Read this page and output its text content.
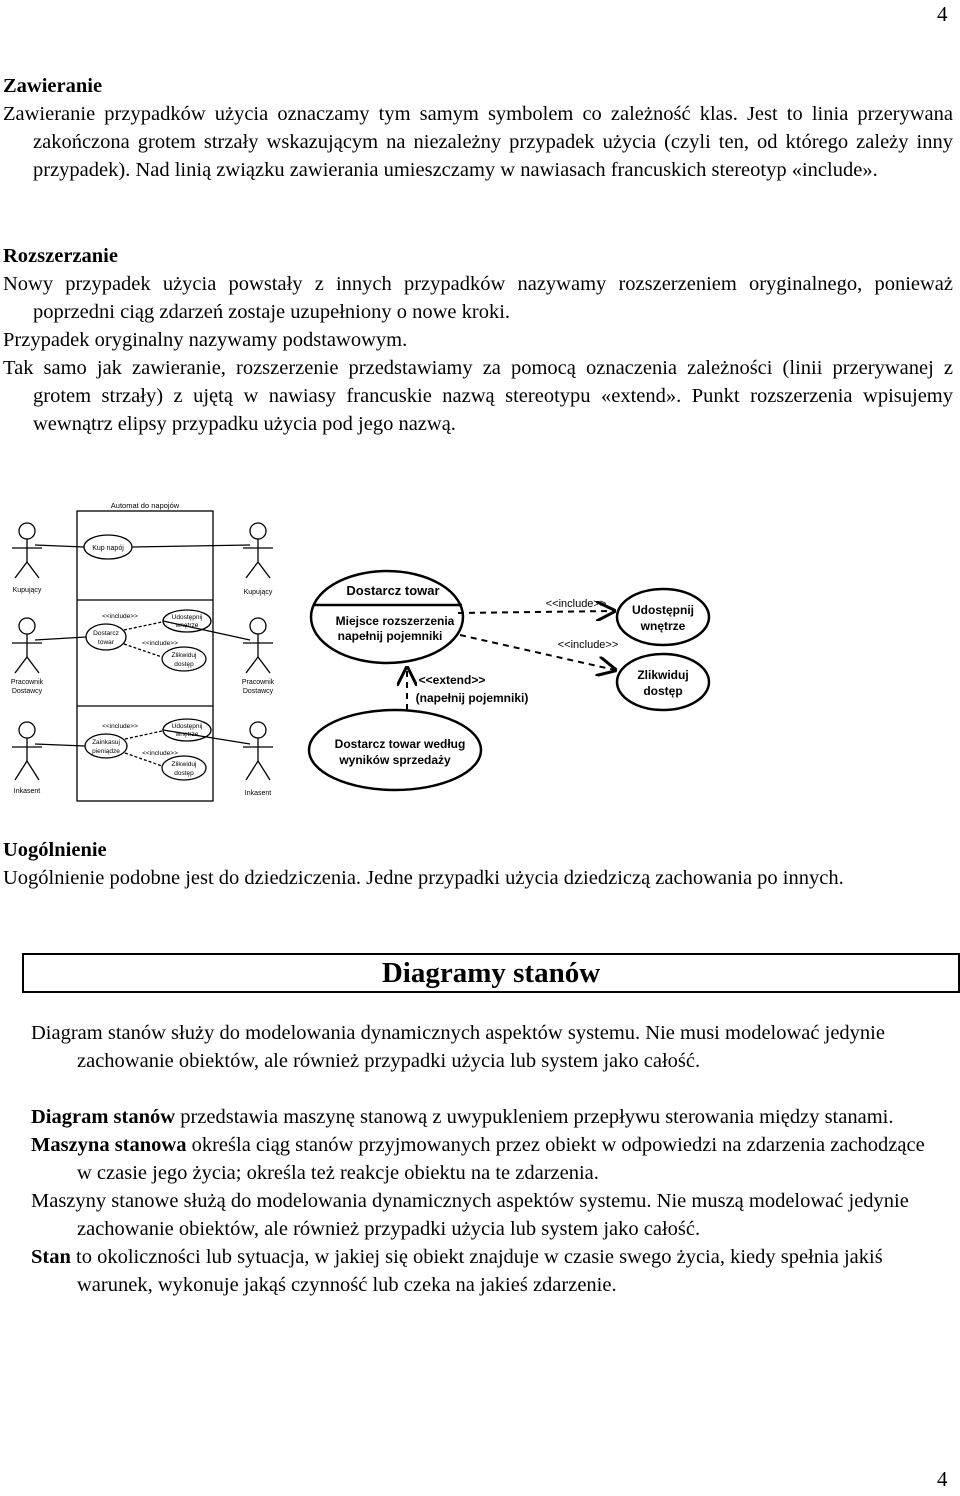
4
Zawieranie

Zawieranie przypadków użycia oznaczamy tym samym symbolem co zależność klas. Jest to linia przerywana zakończona grotem strzały wskazującym na niezależny przypadek użycia (czyli ten, od którego zależy inny przypadek). Nad linią związku zawierania umieszczamy w nawiasach francuskich stereotyp «include».

Rozszerzanie

Nowy przypadek użycia powstały z innych przypadków nazywamy rozszerzeniem oryginalnego, ponieważ poprzedni ciąg zdarzeń zostaje uzupełniony o nowe kroki.

Przypadek oryginalny nazywamy podstawowym.

Tak samo jak zawieranie, rozszerzenie przedstawiamy za pomocą oznaczenia zależności (linii przerywanej z grotem strzały) z ujętą w nawiasy francuskie nazwą stereotypu «extend». Punkt rozszerzenia wpisujemy wewnątrz elipsy przypadku użycia pod jego nazwą.

Automat do napojów
Kup napój
Kupujący	Kupujący
Pracownik
Dostawcy
Pracownik
Dostawcy
Inkasent	Inkasent
Dostarcz
towar
Udostępnij
wnętrze
Zlikwiduj
dostęp
Zainkasuj
pieniądze
Udostępnij
wnętrze
Zlikwiduj
dostęp
<<include>>
<<include>>
<<include>>
<<include>>
Dostarcz towar
Miejsce rozszerzenia
napełnij pojemniki
Udostępnij
wnętrze
Zlikwiduj
dostęp
<<include>>
<<include>>
<<extend>>
(napełnij pojemniki)
Dostarcz towar według
wyników sprzedaży
Uogólnienie

Uogólnienie podobne jest do dziedziczenia. Jedne przypadki użycia dziedziczą zachowania po innych.

Diagramy stanów

Diagram stanów służy do modelowania dynamicznych aspektów systemu. Nie musi modelować jedynie zachowanie obiektów, ale również przypadki użycia lub system jako całość.

Diagram stanów przedstawia maszynę stanową z uwypukleniem przepływu sterowania między stanami.

Maszyna stanowa określa ciąg stanów przyjmowanych przez obiekt w odpowiedzi na zdarzenia zachodzące w czasie jego życia; określa też reakcje obiektu na te zdarzenia.

Maszyny stanowe służą do modelowania dynamicznych aspektów systemu. Nie muszą modelować jedynie zachowanie obiektów, ale również przypadki użycia lub system jako całość.

Stan to okoliczności lub sytuacja, w jakiej się obiekt znajduje w czasie swego życia, kiedy spełnia jakiś warunek, wykonuje jakąś czynność lub czeka na jakieś zdarzenie.

4
